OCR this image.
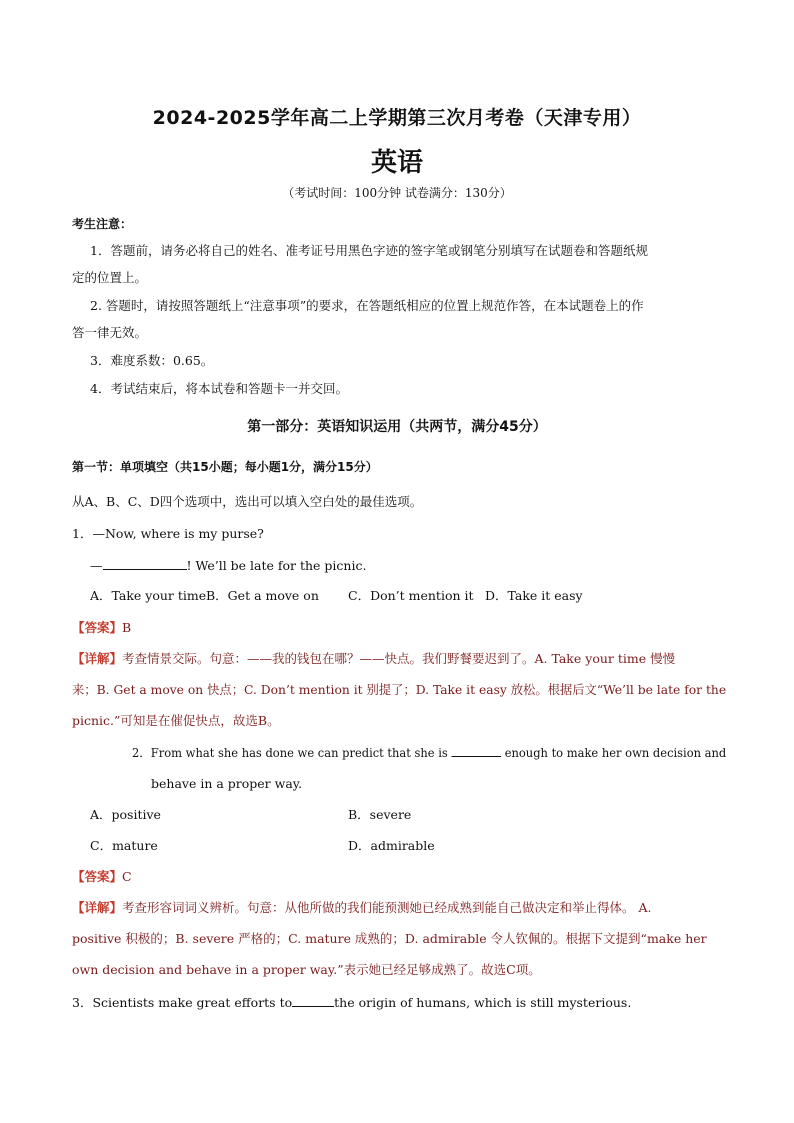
2024-2025学年高二上学期第三次月考卷（天津专用）
英语
（考试时间：100分钟 试卷满分：130分）
考生注意：
1．答题前，请务必将自己的姓名、准考证号用黑色字迹的签字笔或钢笔分别填写在试题卷和答题纸规
定的位置上。
2. 答题时，请按照答题纸上“注意事项”的要求，在答题纸相应的位置上规范作答，在本试题卷上的作
答一律无效。
3．难度系数：0.65。
4．考试结束后，将本试卷和答题卡一并交回。
第一部分：英语知识运用（共两节，满分45分）
第一节：单项填空（共15小题；每小题1分，满分15分）
从A、B、C、D四个选项中，选出可以填入空白处的最佳选项。
1．—Now, where is my purse?
—	! We’ll be late for the picnic.
A．Take your time B．Get a move on C．Don’t mention it D．Take it easy
【答案】B
【详解】考查情景交际。句意：——我的钱包在哪？——快点。我们野餐要迟到了。A. Take your time 慢慢
来；B. Get a move on 快点；C. Don’t mention it 别提了；D. Take it easy 放松。根据后文“We’ll be late for the
picnic.”可知是在催促快点，故选B。
2．From what she has done we can predict that she is	enough to make her own decision and
behave in a proper way.
A．positive	B．severe
C．mature	D．admirable
【答案】C
【详解】考查形容词词义辨析。句意：从他所做的我们能预测她已经成熟到能自己做决定和举止得体。 A.
positive 积极的；B. severe 严格的；C. mature 成熟的；D. admirable 令人钦佩的。根据下文提到“make her
own decision and behave in a proper way.”表示她已经足够成熟了。故选C项。
3．Scientists make great efforts to	the origin of humans, which is still mysterious.
